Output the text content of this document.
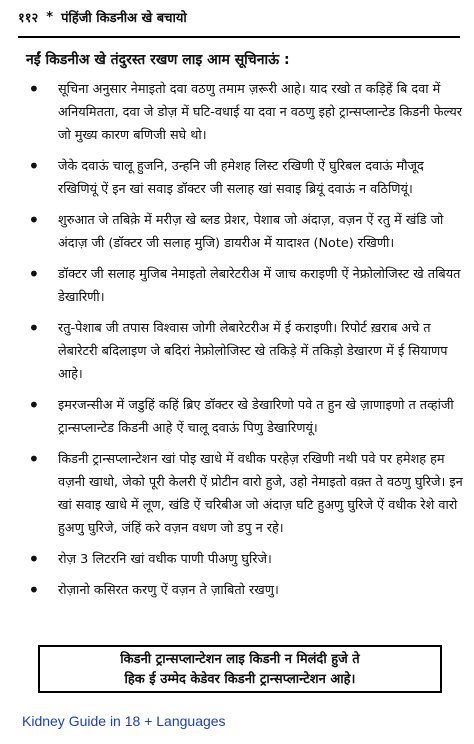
११२ * पंहिंजी किडनीअ खे बचायो
नईं किडनीअ खे तंदुरस्त रखण लाइ आम सूचिनाऊं :
• सूचिना अनुसार नेमाइतो दवा वठणु तमाम ज़रूरी आहे। याद रखो त कड़िहें बि दवा में अनियमितता, दवा जे डोज़ में घटि-वधाई या दवा न वठणु इहो ट्रान्सप्लान्टेड किडनी फेल्यर जो मुख्य कारण बणिजी सघे थो।
• जेके दवाऊं चालू हुजनि, उन्हनि जी हमेशह लिस्ट रखिणी ऐं घुरिबल दवाऊं मौजूद रखिणियूं ऐं इन खां सवाइ डॉक्टर जी सलाह खां सवाइ ब्रियूं दवाऊं न वठिणियूं।
• शुरुआत जे तबिक़े में मरीज़ खे ब्लड प्रेशर, पेशाब जो अंदाज़, वज़न ऐं रतु में खंडि जो अंदाज़ जी (डॉक्टर जी सलाह मुजि) डायरीअ में यादाश्त (Note) रखिणी।
• डॉक्टर जी सलाह मुजिब नेमाइतो लेबारेटरीअ में जाच कराइणी ऐं नेफ्रोलोजिस्ट खे तबियत डेखारिणी।
• रतु-पेशाब जी तपास विश्वास जोगी लेबारेटरीअ में ई कराइणी। रिपोर्ट ख़राब अचे त लेबारेटरी बदिलाइण जे बदिरां नेफ्रोलोजिस्ट खे तकिड़े में तकिड़ो डेखारण में ई सियाणप आहे।
• इमरजन्सीअ में जडुहिं कहिं ब्रिए डॉक्टर खे डेखारिणो पवे त हुन खे ज़ाणाइणो त तव्हांजी ट्रान्सप्लान्टेड किडनी आहे ऐं चालू दवाऊं पिणु डेखारिणयूं।
• किडनी ट्रान्सप्लान्टेशन खां पोइ खाधे में वधीक परहेज़ रखिणी नथी पवे पर हमेशह हम वज़नी खाधो, जेको पूरी केलरी ऐं प्रोटीन वारो हुजे, उहो नेमाइतो वक़्त ते वठणु घुरिजे। इन खां सवाइ खाधे में लूण, खंडि ऐं चरिबीअ जो अंदाज़ घटि हुअणु घुरिजे ऐं वधीक रेशे वारो हुअणु घुरिजे, जंहिं करे वज़न वधण जो डपु न रहे।
• रोज़ 3 लिटरनि खां वधीक पाणी पीअणु घुरिजे।
• रोज़ानो कसिरत करणु ऐं वज़न ते ज़ाबितो रखणु।
किडनी ट्रान्सप्लान्टेशन लाइ किडनी न मिलंदी हुजे ते
हिक ई उम्मेद केडेवर किडनी ट्रान्सप्लान्टेशन आहे।
Kidney Guide in 18 + Languages
